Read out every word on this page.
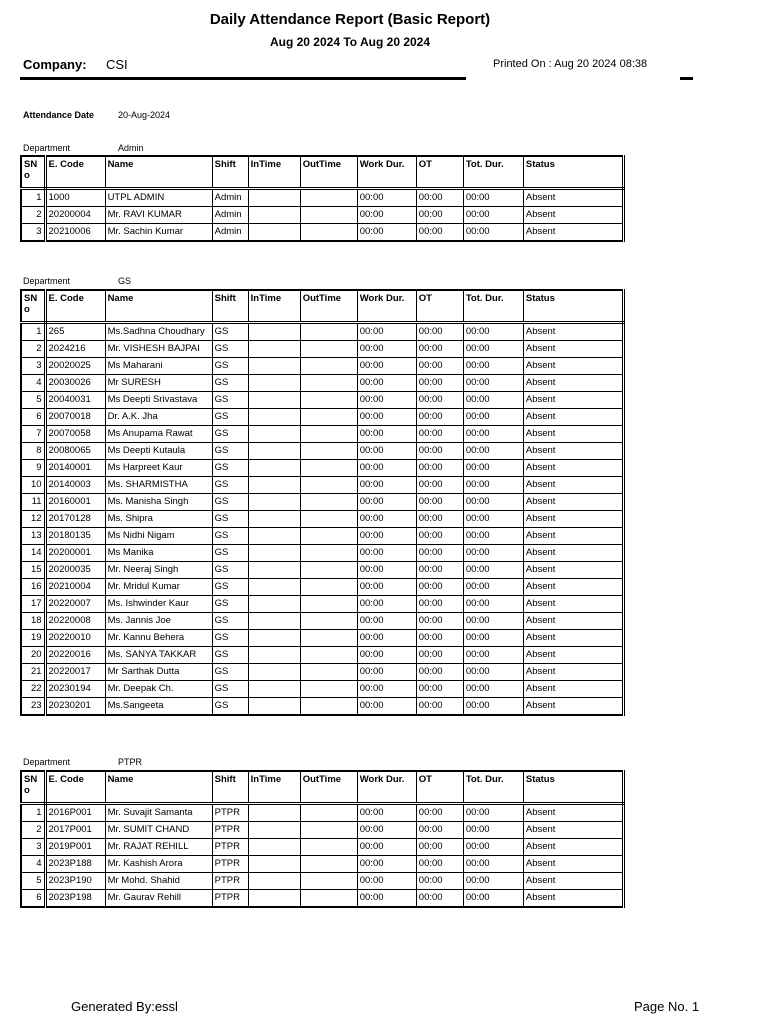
Daily Attendance Report (Basic Report)
Aug 20 2024 To Aug 20 2024
Company: CSI	Printed On : Aug 20 2024 08:38
Attendance Date	20-Aug-2024
Department	Admin
SN o	E. Code	Name	Shift	InTime	OutTime	Work Dur.	OT	Tot. Dur.	Status
1	1000	UTPL ADMIN	Admin			00:00	00:00	00:00	Absent
2	20200004	Mr. RAVI KUMAR	Admin			00:00	00:00	00:00	Absent
3	20210006	Mr. Sachin Kumar	Admin			00:00	00:00	00:00	Absent
Department	GS
SN o	E. Code	Name	Shift	InTime	OutTime	Work Dur.	OT	Tot. Dur.	Status
1	265	Ms.Sadhna Choudhary	GS			00:00	00:00	00:00	Absent
2	2024216	Mr. VISHESH BAJPAI	GS			00:00	00:00	00:00	Absent
3	20020025	Ms Maharani	GS			00:00	00:00	00:00	Absent
4	20030026	Mr SURESH	GS			00:00	00:00	00:00	Absent
5	20040031	Ms Deepti Srivastava	GS			00:00	00:00	00:00	Absent
6	20070018	Dr. A.K. Jha	GS			00:00	00:00	00:00	Absent
7	20070058	Ms Anupama Rawat	GS			00:00	00:00	00:00	Absent
8	20080065	Ms Deepti Kutaula	GS			00:00	00:00	00:00	Absent
9	20140001	Ms Harpreet Kaur	GS			00:00	00:00	00:00	Absent
10	20140003	Ms. SHARMISTHA	GS			00:00	00:00	00:00	Absent
11	20160001	Ms. Manisha Singh	GS			00:00	00:00	00:00	Absent
12	20170128	Ms. Shipra	GS			00:00	00:00	00:00	Absent
13	20180135	Ms Nidhi Nigam	GS			00:00	00:00	00:00	Absent
14	20200001	Ms Manika	GS			00:00	00:00	00:00	Absent
15	20200035	Mr. Neeraj Singh	GS			00:00	00:00	00:00	Absent
16	20210004	Mr. Mridul Kumar	GS			00:00	00:00	00:00	Absent
17	20220007	Ms. Ishwinder Kaur	GS			00:00	00:00	00:00	Absent
18	20220008	Ms. Jannis Joe	GS			00:00	00:00	00:00	Absent
19	20220010	Mr. Kannu Behera	GS			00:00	00:00	00:00	Absent
20	20220016	Ms. SANYA TAKKAR	GS			00:00	00:00	00:00	Absent
21	20220017	Mr Sarthak Dutta	GS			00:00	00:00	00:00	Absent
22	20230194	Mr. Deepak Ch.	GS			00:00	00:00	00:00	Absent
23	20230201	Ms.Sangeeta	GS			00:00	00:00	00:00	Absent
Department	PTPR
SN o	E. Code	Name	Shift	InTime	OutTime	Work Dur.	OT	Tot. Dur.	Status
1	2016P001	Mr. Suvajit Samanta	PTPR			00:00	00:00	00:00	Absent
2	2017P001	Mr. SUMIT CHAND	PTPR			00:00	00:00	00:00	Absent
3	2019P001	Mr. RAJAT REHILL	PTPR			00:00	00:00	00:00	Absent
4	2023P188	Mr. Kashish Arora	PTPR			00:00	00:00	00:00	Absent
5	2023P190	Mr Mohd. Shahid	PTPR			00:00	00:00	00:00	Absent
6	2023P198	Mr. Gaurav Rehill	PTPR			00:00	00:00	00:00	Absent
Generated By:essl	Page No. 1
